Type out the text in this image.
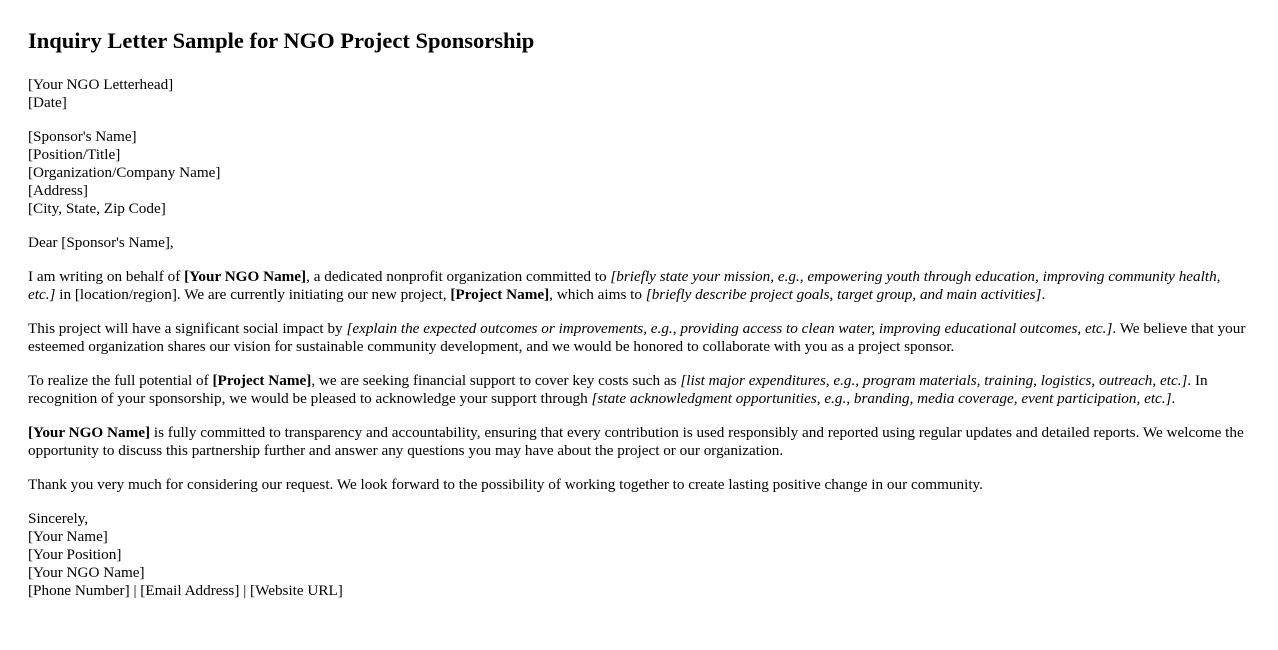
Inquiry Letter Sample for NGO Project Sponsorship

[Your NGO Letterhead]
[Date]

[Sponsor's Name]
[Position/Title]
[Organization/Company Name]
[Address]
[City, State, Zip Code]

Dear [Sponsor's Name],

I am writing on behalf of [Your NGO Name], a dedicated nonprofit organization committed to [briefly state your mission, e.g., empowering youth through education, improving community health, etc.] in [location/region]. We are currently initiating our new project, [Project Name], which aims to [briefly describe project goals, target group, and main activities].

This project will have a significant social impact by [explain the expected outcomes or improvements, e.g., providing access to clean water, improving educational outcomes, etc.]. We believe that your esteemed organization shares our vision for sustainable community development, and we would be honored to collaborate with you as a project sponsor.

To realize the full potential of [Project Name], we are seeking financial support to cover key costs such as [list major expenditures, e.g., program materials, training, logistics, outreach, etc.]. In recognition of your sponsorship, we would be pleased to acknowledge your support through [state acknowledgment opportunities, e.g., branding, media coverage, event participation, etc.].

[Your NGO Name] is fully committed to transparency and accountability, ensuring that every contribution is used responsibly and reported using regular updates and detailed reports. We welcome the opportunity to discuss this partnership further and answer any questions you may have about the project or our organization.

Thank you very much for considering our request. We look forward to the possibility of working together to create lasting positive change in our community.

Sincerely,
[Your Name]
[Your Position]
[Your NGO Name]
[Phone Number] | [Email Address] | [Website URL]
